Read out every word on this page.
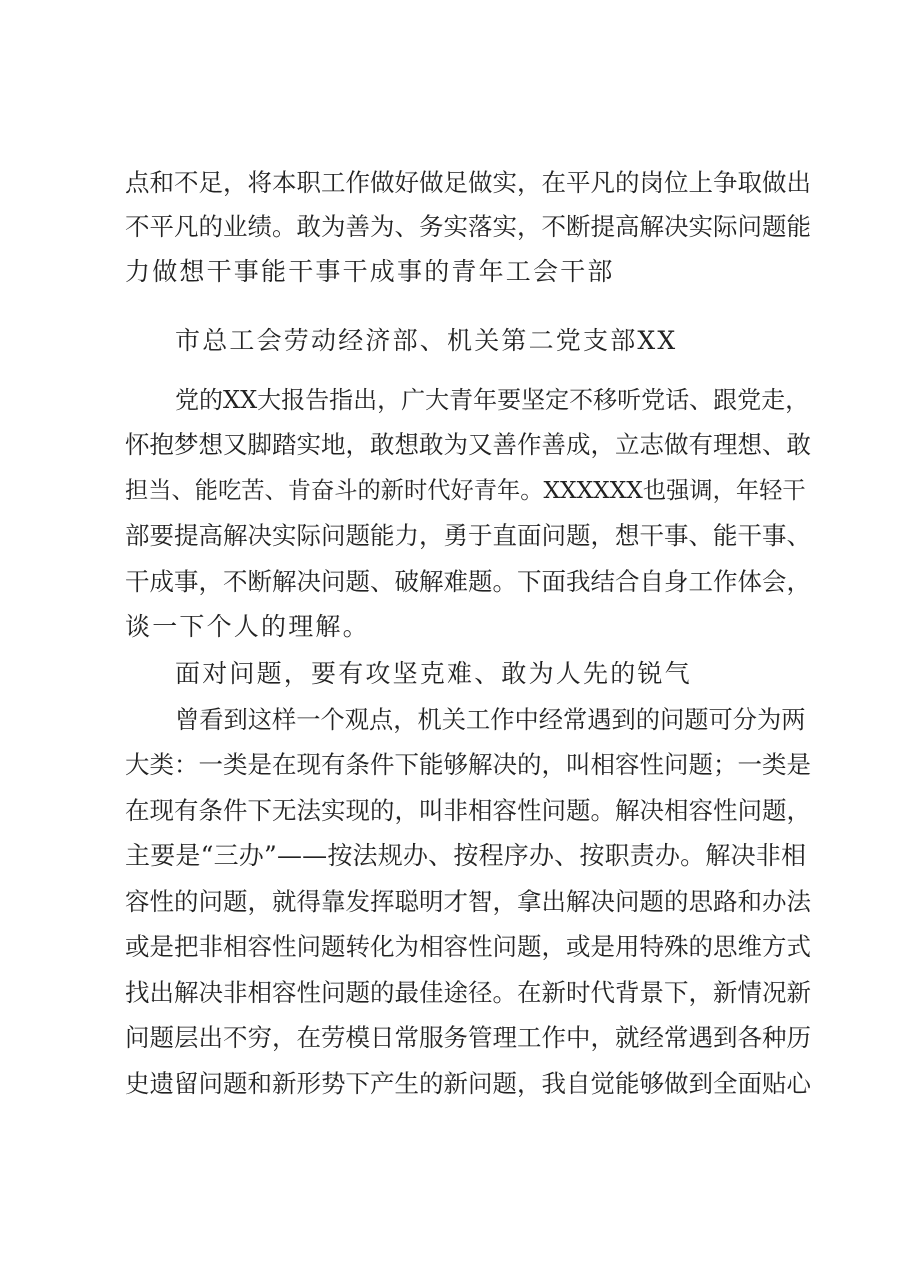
点和不足，将本职工作做好做足做实，在平凡的岗位上争取做出
不平凡的业绩。敢为善为、务实落实，不断提高解决实际问题能
力做想干事能干事干成事的青年工会干部
市总工会劳动经济部、机关第二党支部XX
党的XX大报告指出，广大青年要坚定不移听党话、跟党走，
怀抱梦想又脚踏实地，敢想敢为又善作善成，立志做有理想、敢
担当、能吃苦、肯奋斗的新时代好青年。XXXXXX也强调，年轻干
部要提高解决实际问题能力，勇于直面问题，想干事、能干事、
干成事，不断解决问题、破解难题。下面我结合自身工作体会，
谈一下个人的理解。
面对问题，要有攻坚克难、敢为人先的锐气
曾看到这样一个观点，机关工作中经常遇到的问题可分为两
大类：一类是在现有条件下能够解决的，叫相容性问题；一类是
在现有条件下无法实现的，叫非相容性问题。解决相容性问题，
主要是“三办”——按法规办、按程序办、按职责办。解决非相
容性的问题，就得靠发挥聪明才智，拿出解决问题的思路和办法
或是把非相容性问题转化为相容性问题，或是用特殊的思维方式
找出解决非相容性问题的最佳途径。在新时代背景下，新情况新
问题层出不穷，在劳模日常服务管理工作中，就经常遇到各种历
史遗留问题和新形势下产生的新问题，我自觉能够做到全面贴心
